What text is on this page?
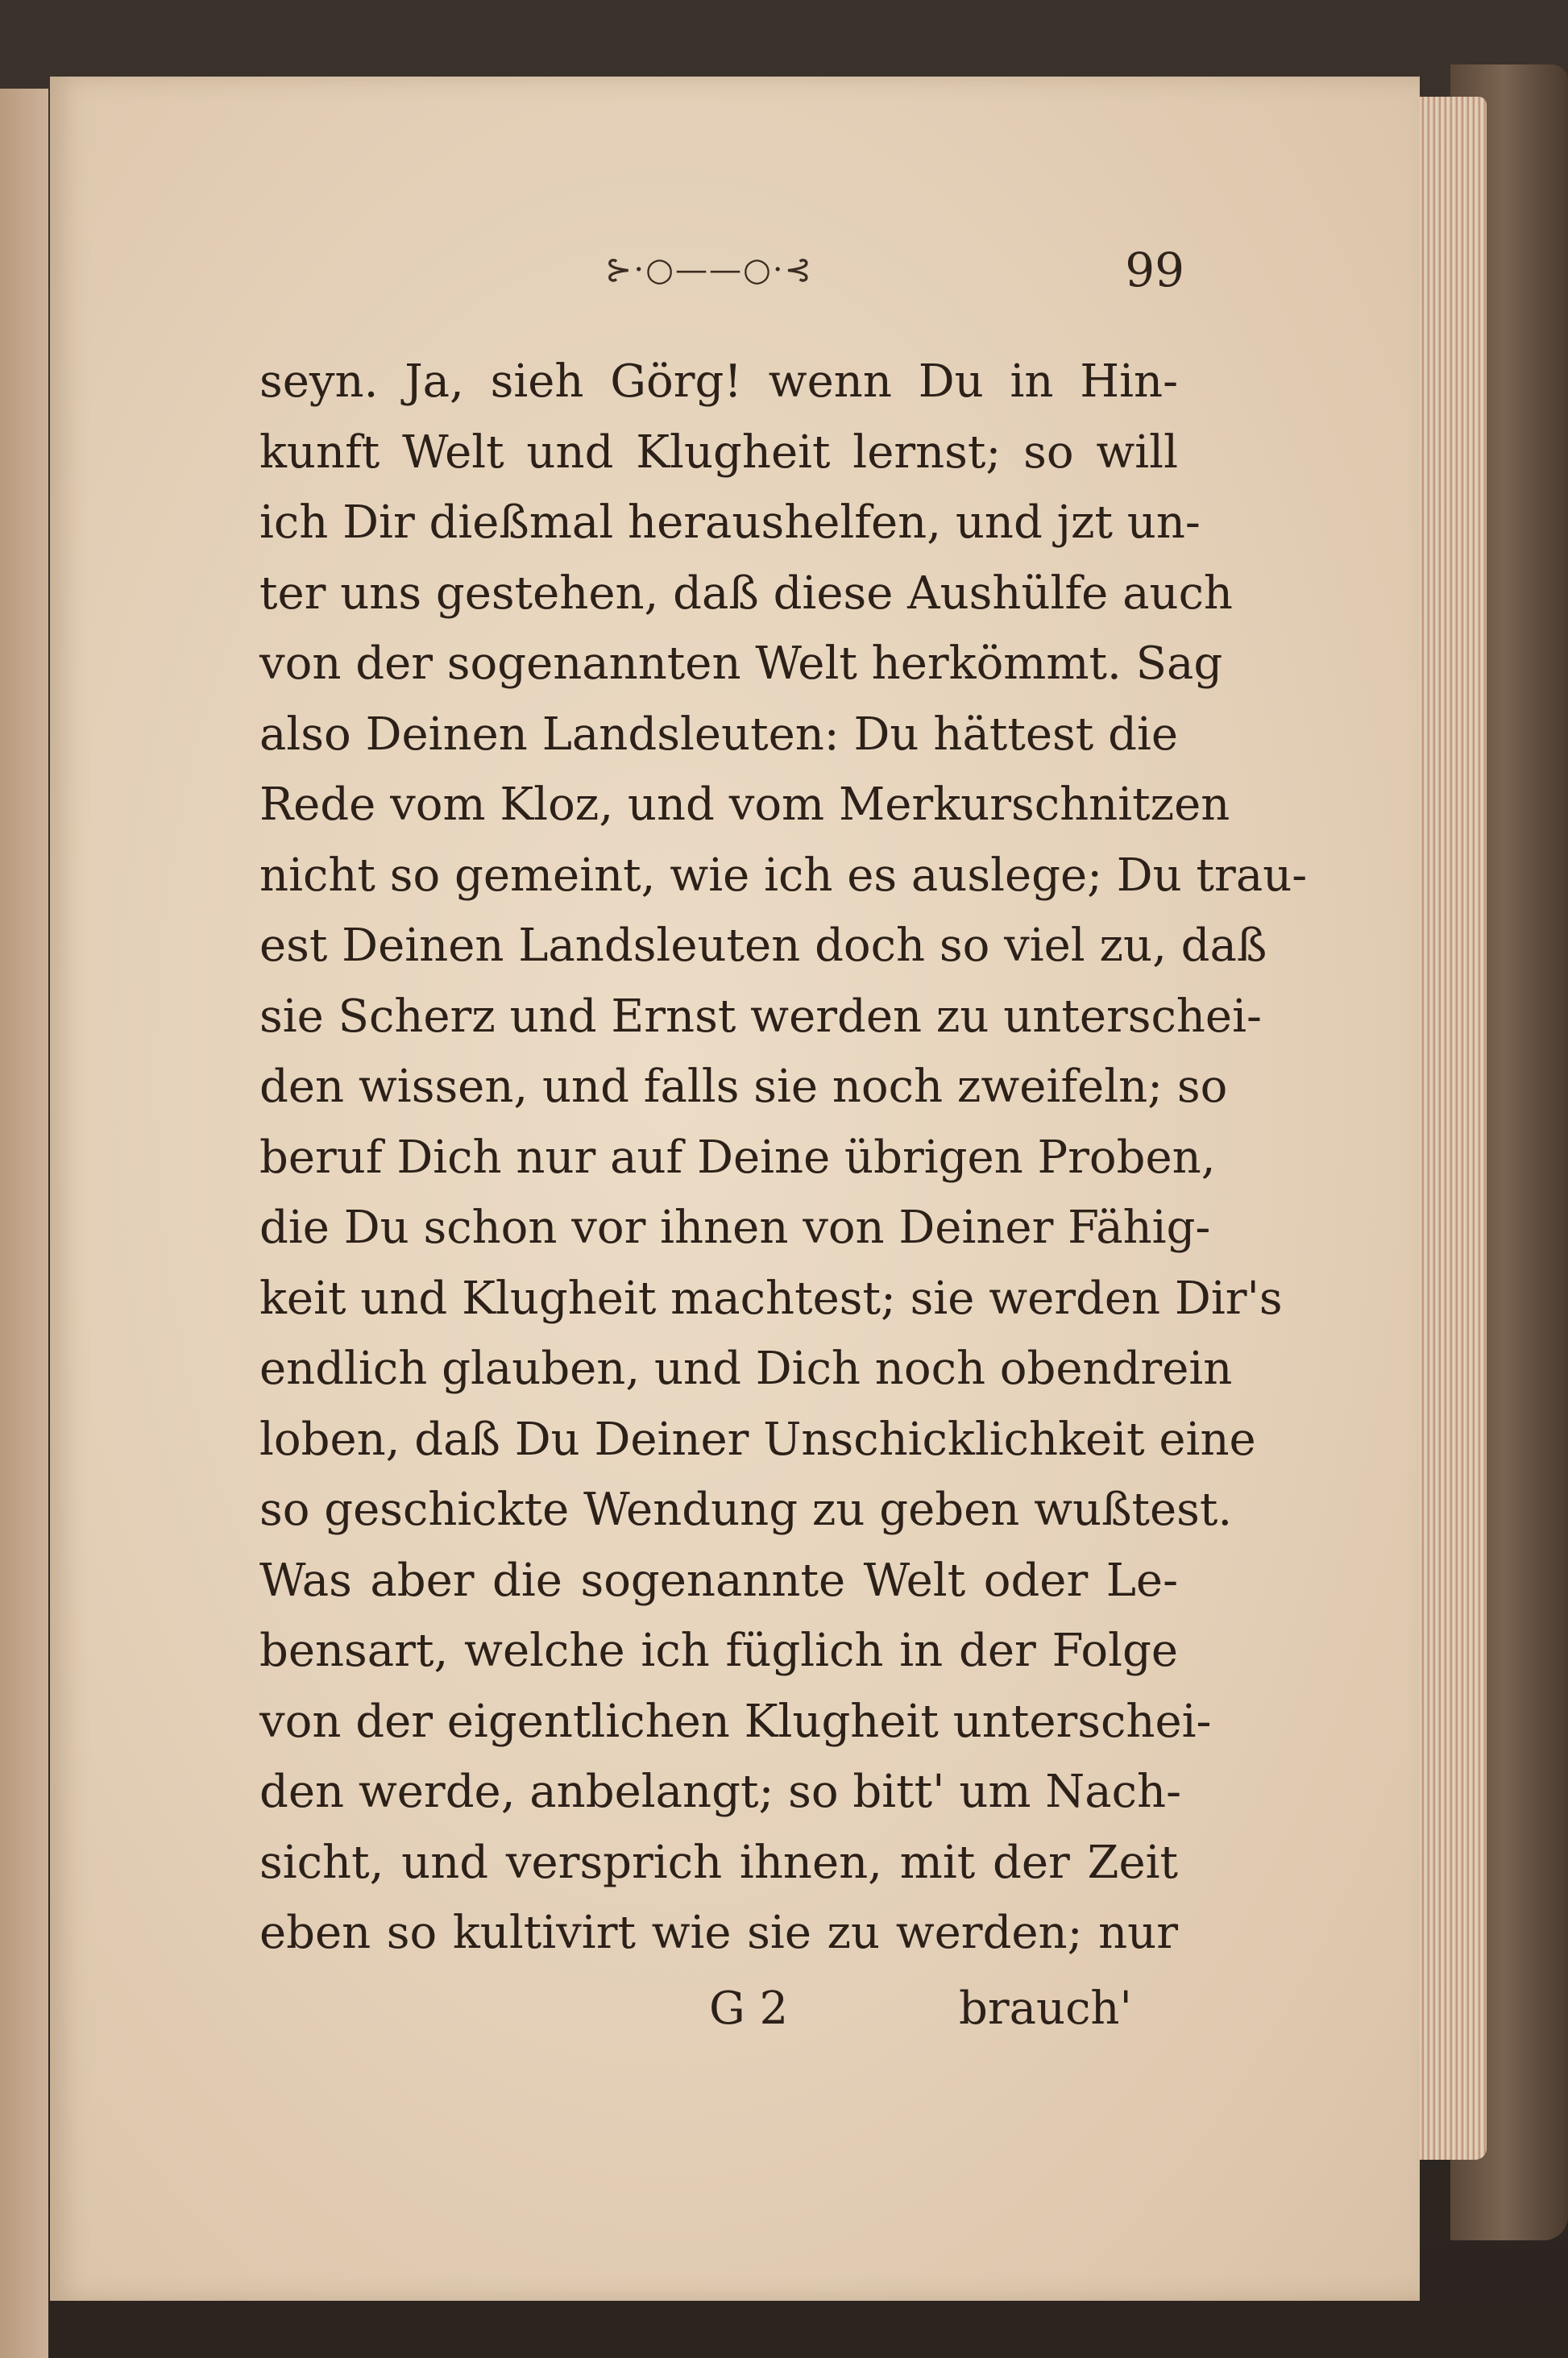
⊱·○——○·⊰	99
seyn. Ja, sieh Görg! wenn Du in Hin-
kunft Welt und Klugheit lernst; so will
ich Dir dießmal heraushelfen, und jzt un-
ter uns gestehen, daß diese Aushülfe auch
von der sogenannten Welt herkömmt. Sag
also Deinen Landsleuten: Du hättest die
Rede vom Kloz, und vom Merkurschnitzen
nicht so gemeint, wie ich es auslege; Du trau-
est Deinen Landsleuten doch so viel zu, daß
sie Scherz und Ernst werden zu unterschei-
den wissen, und falls sie noch zweifeln; so
beruf Dich nur auf Deine übrigen Proben,
die Du schon vor ihnen von Deiner Fähig-
keit und Klugheit machtest; sie werden Dir's
endlich glauben, und Dich noch obendrein
loben, daß Du Deiner Unschicklichkeit eine
so geschickte Wendung zu geben wußtest.
Was aber die sogenannte Welt oder Le-
bensart, welche ich füglich in der Folge
von der eigentlichen Klugheit unterschei-
den werde, anbelangt; so bitt' um Nach-
sicht, und versprich ihnen, mit der Zeit
eben so kultivirt wie sie zu werden; nur
G 2	brauch'
